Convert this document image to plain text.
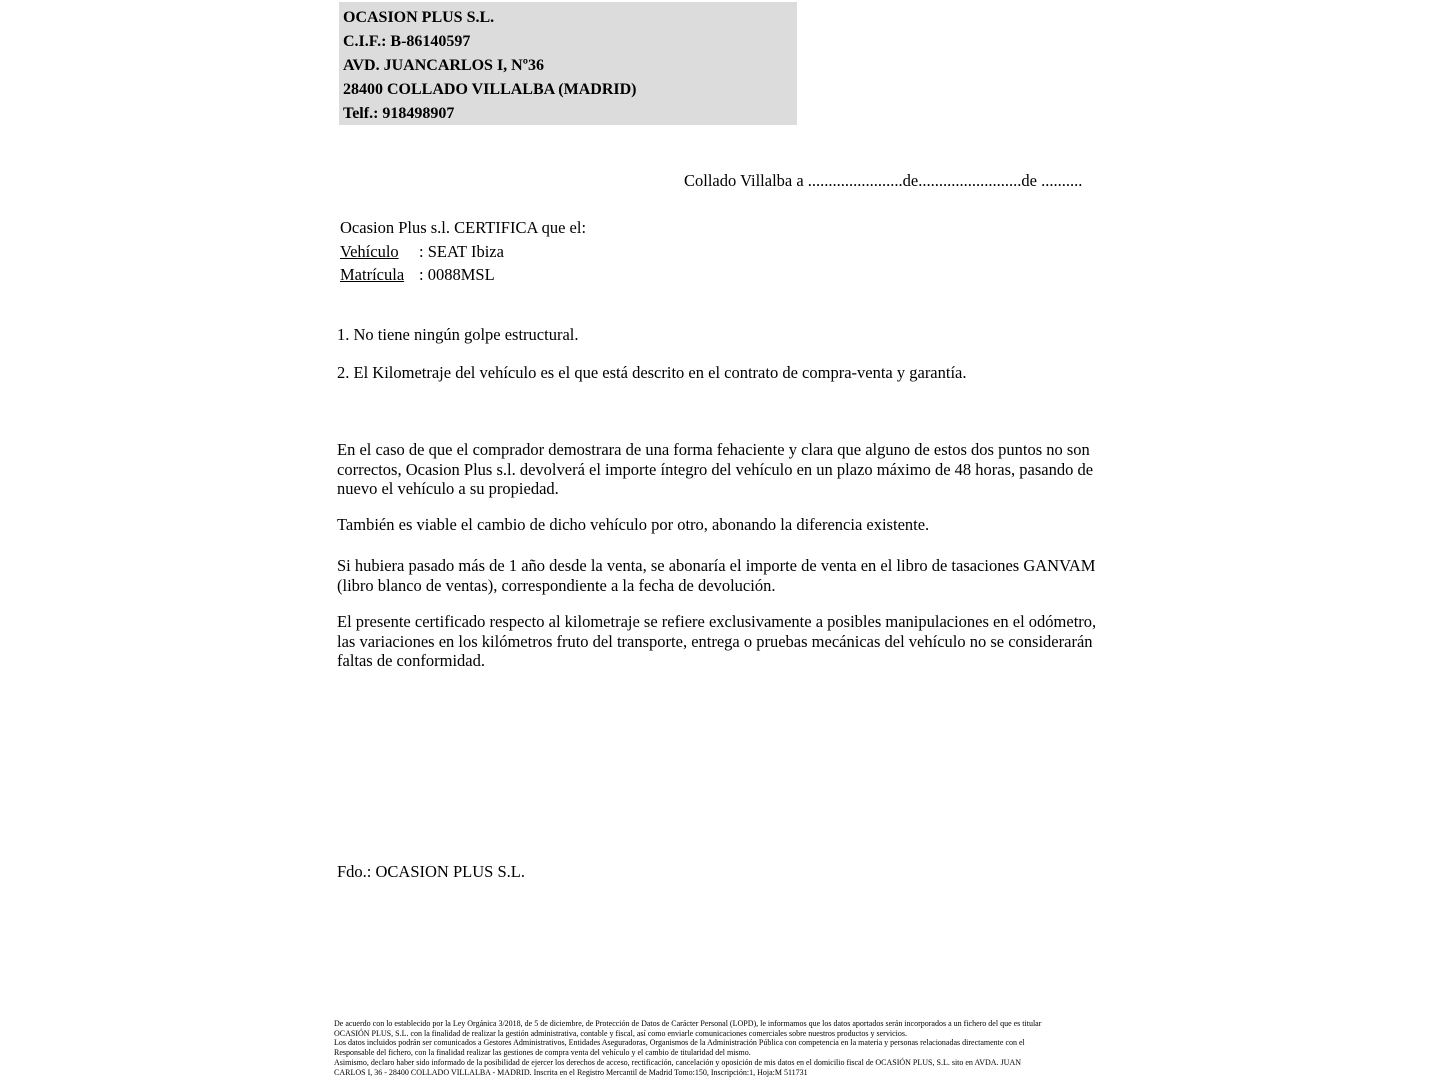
OCASION PLUS S.L.
C.I.F.: B-86140597
AVD. JUANCARLOS I, Nº36
28400 COLLADO VILLALBA (MADRID)
Telf.: 918498907
Collado Villalba a .......................de.........................de ..........
Ocasion Plus s.l. CERTIFICA que el:
Vehículo : SEAT Ibiza
Matrícula : 0088MSL
1. No tiene ningún golpe estructural.
2. El Kilometraje del vehículo es el que está descrito en el contrato de compra-venta y garantía.
En el caso de que el comprador demostrara de una forma fehaciente y clara que alguno de estos dos puntos no son correctos, Ocasion Plus s.l. devolverá el importe íntegro del vehículo en un plazo máximo de 48 horas, pasando de nuevo el vehículo a su propiedad.
También es viable el cambio de dicho vehículo por otro, abonando la diferencia existente.
Si hubiera pasado más de 1 año desde la venta, se abonaría el importe de venta en el libro de tasaciones GANVAM (libro blanco de ventas), correspondiente a la fecha de devolución.
El presente certificado respecto al kilometraje se refiere exclusivamente a posibles manipulaciones en el odómetro, las variaciones en los kilómetros fruto del transporte, entrega o pruebas mecánicas del vehículo no se considerarán faltas de conformidad.
Fdo.: OCASION PLUS S.L.
De acuerdo con lo establecido por la Ley Orgánica 3/2018, de 5 de diciembre, de Protección de Datos de Carácter Personal (LOPD), le informamos que los datos aportados serán incorporados a un fichero del que es titular
OCASIÓN PLUS, S.L. con la finalidad de realizar la gestión administrativa, contable y fiscal, así como enviarle comunicaciones comerciales sobre nuestros productos y servicios.
Los datos incluidos podrán ser comunicados a Gestores Administrativos, Entidades Aseguradoras, Organismos de la Administración Pública con competencia en la materia y personas relacionadas directamente con el
Responsable del fichero, con la finalidad realizar las gestiones de compra venta del vehículo y el cambio de titularidad del mismo.
Asimismo, declaro haber sido informado de la posibilidad de ejercer los derechos de acceso, rectificación, cancelación y oposición de mis datos en el domicilio fiscal de OCASIÓN PLUS, S.L. sito en AVDA. JUAN
CARLOS I, 36 - 28400 COLLADO VILLALBA - MADRID. Inscrita en el Registro Mercantil de Madrid Tomo:150, Inscripción:1, Hoja:M 511731
